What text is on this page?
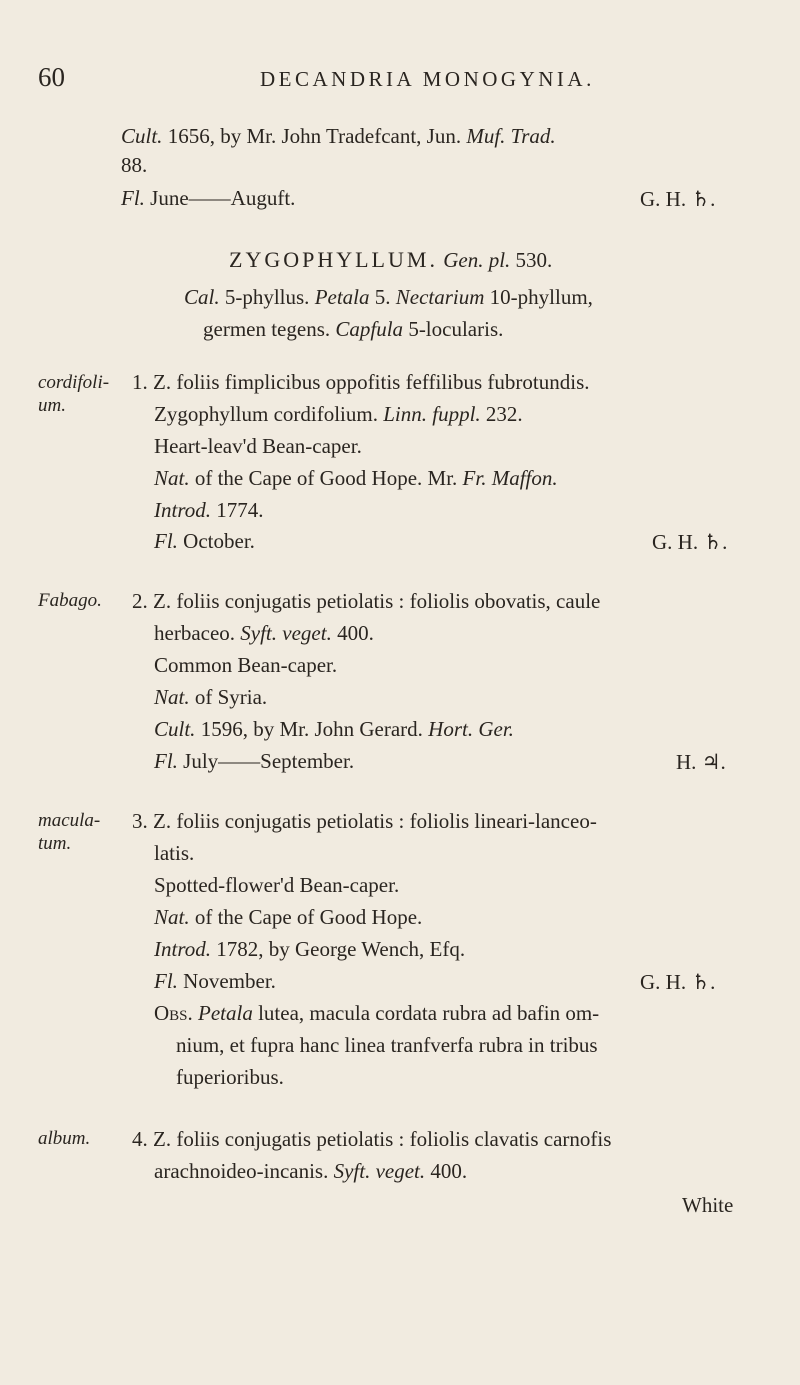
60	DECANDRIA MONOGYNIA.
Cult. 1656, by Mr. John Tradefcant, Jun. Muf. Trad.
88.
Fl. June——Auguft.	G. H. ♄.
ZYGOPHYLLUM. Gen. pl. 530.
Cal. 5-phyllus. Petala 5. Nectarium 10-phyllum,
germen tegens. Capfula 5-locularis.
cordifoli-
um.
1. Z. foliis fimplicibus oppofitis feffilibus fubrotundis.
Zygophyllum cordifolium. Linn. fuppl. 232.
Heart-leav'd Bean-caper.
Nat. of the Cape of Good Hope. Mr. Fr. Maffon.
Introd. 1774.
Fl. October.	G. H. ♄.
Fabago. 2. Z. foliis conjugatis petiolatis : foliolis obovatis, caule
herbaceo. Syft. veget. 400.
Common Bean-caper.
Nat. of Syria.
Cult. 1596, by Mr. John Gerard. Hort. Ger.
Fl. July——September.	H. ♃.
macula-
tum.
3. Z. foliis conjugatis petiolatis : foliolis lineari-lanceo-
latis.
Spotted-flower'd Bean-caper.
Nat. of the Cape of Good Hope.
Introd. 1782, by George Wench, Efq.
Fl. November.	G. H. ♄.
Obs. Petala lutea, macula cordata rubra ad bafin om-
nium, et fupra hanc linea tranfverfa rubra in tribus
fuperioribus.
album. 4. Z. foliis conjugatis petiolatis : foliolis clavatis carnofis
arachnoideo-incanis. Syft. veget. 400.
White
